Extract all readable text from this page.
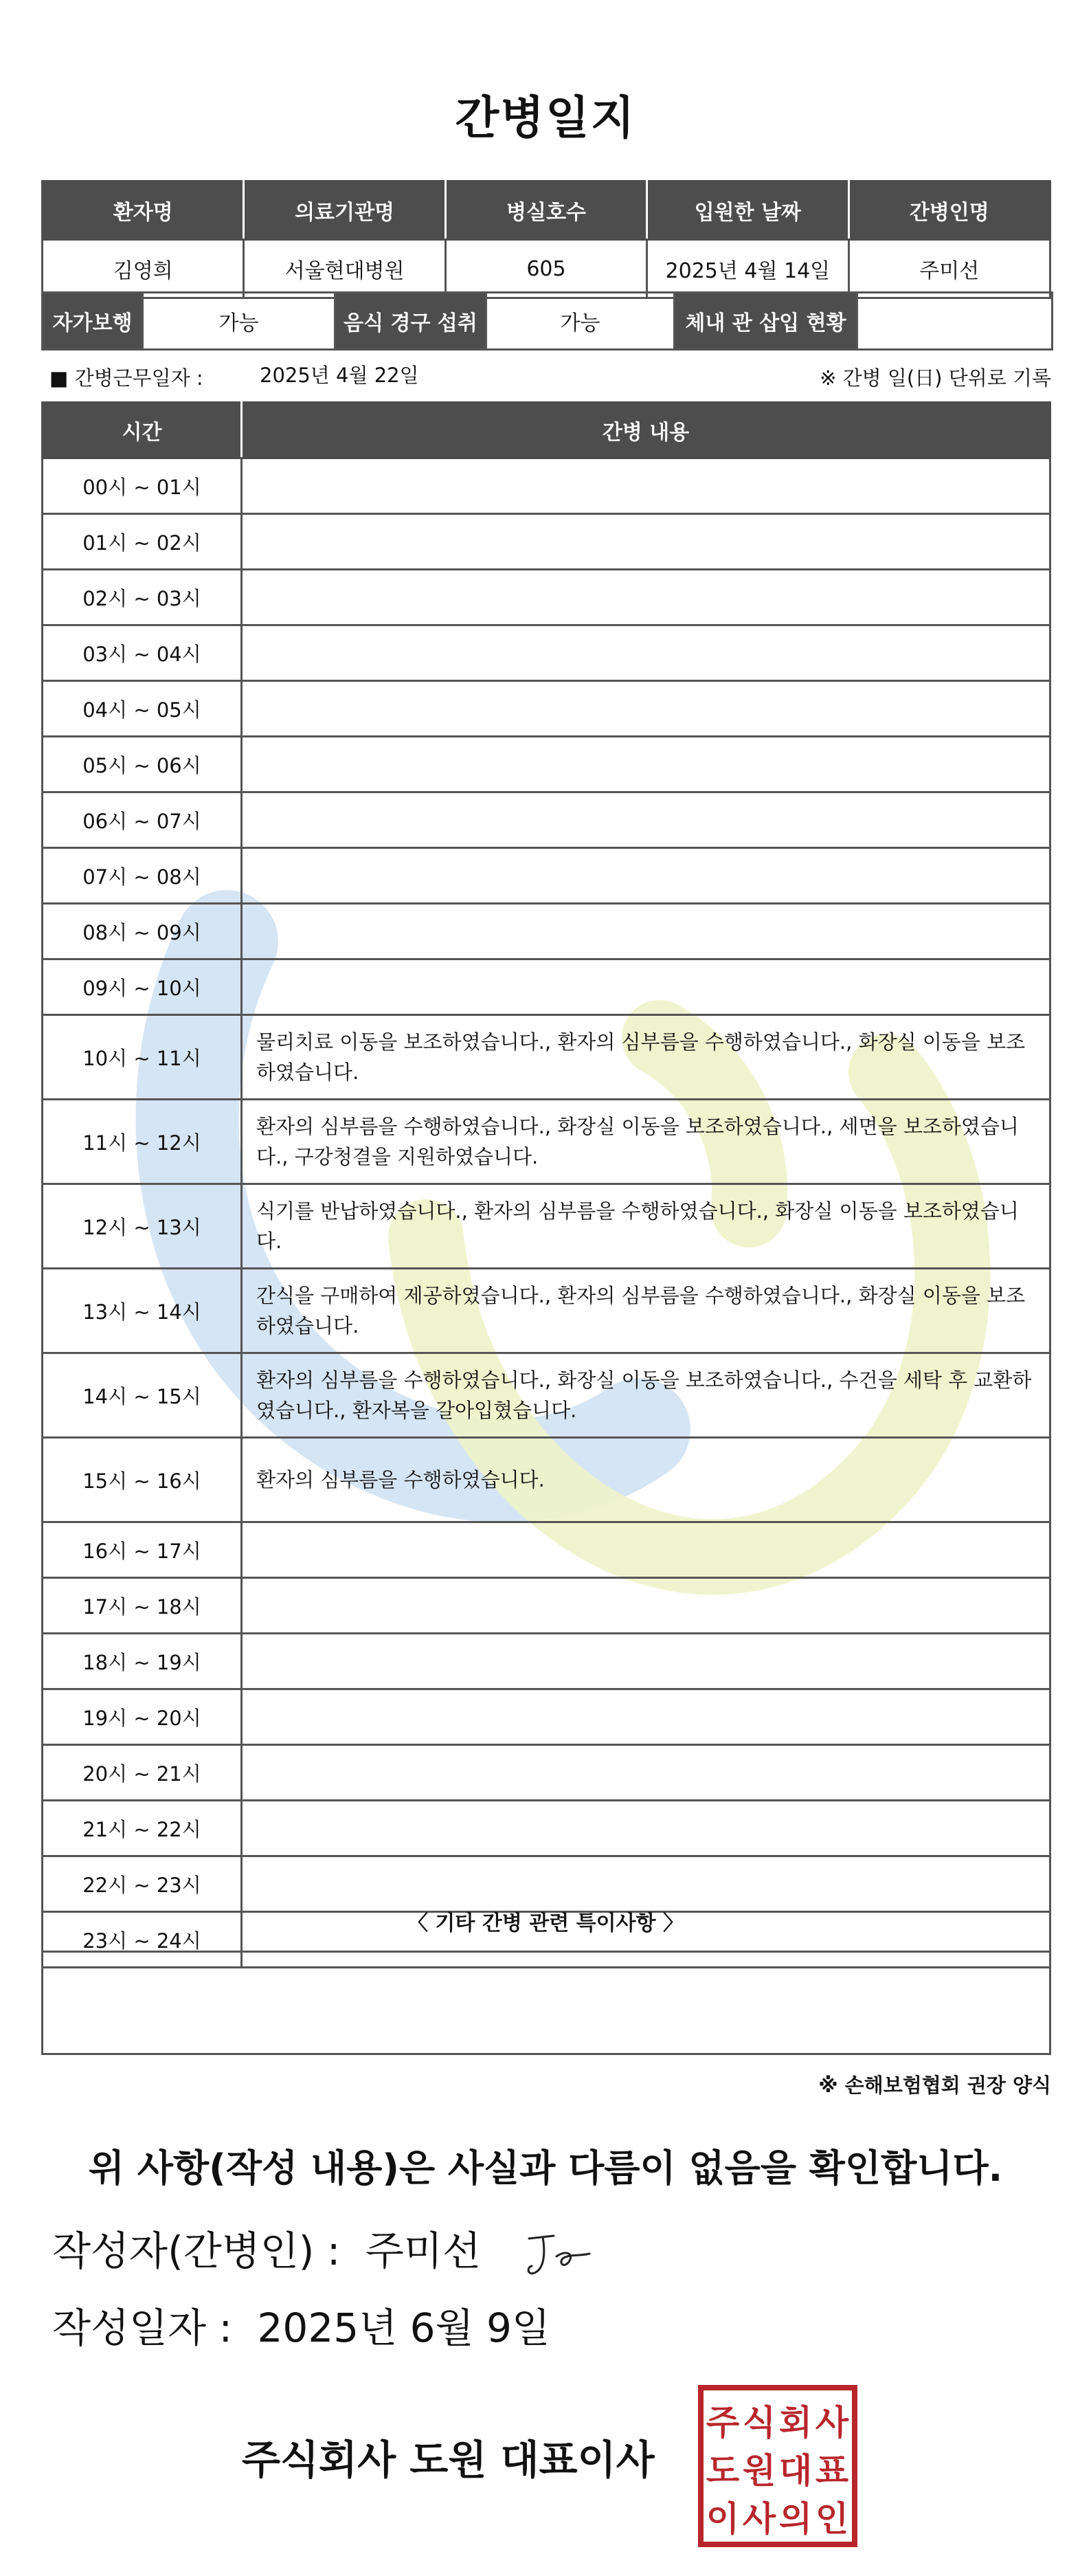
간병일지
환자명	의료기관명	병실호수	입원한 날짜	간병인명
김영희	서울현대병원	605	2025년 4월 14일	주미선
자가보행	가능	음식 경구 섭취	가능	체내 관 삽입 현황	
■ 간병근무일자 :	2025년 4월 22일	※ 간병 일(日) 단위로 기록
시간	간병 내용
00시 ~ 01시	
01시 ~ 02시	
02시 ~ 03시	
03시 ~ 04시	
04시 ~ 05시	
05시 ~ 06시	
06시 ~ 07시	
07시 ~ 08시	
08시 ~ 09시	
09시 ~ 10시	
10시 ~ 11시	물리치료 이동을 보조하였습니다., 환자의 심부름을 수행하였습니다., 화장실 이동을 보조하였습니다.
11시 ~ 12시	환자의 심부름을 수행하였습니다., 화장실 이동을 보조하였습니다., 세면을 보조하였습니다., 구강청결을 지원하였습니다.
12시 ~ 13시	식기를 반납하였습니다., 환자의 심부름을 수행하였습니다., 화장실 이동을 보조하였습니다.
13시 ~ 14시	간식을 구매하여 제공하였습니다., 환자의 심부름을 수행하였습니다., 화장실 이동을 보조하였습니다.
14시 ~ 15시	환자의 심부름을 수행하였습니다., 화장실 이동을 보조하였습니다., 수건을 세탁 후 교환하였습니다., 환자복을 갈아입혔습니다.
15시 ~ 16시	환자의 심부름을 수행하였습니다.
16시 ~ 17시	
17시 ~ 18시	
18시 ~ 19시	
19시 ~ 20시	
20시 ~ 21시	
21시 ~ 22시	
22시 ~ 23시	
23시 ~ 24시	
〈 기타 간병 관련 특이사항 〉
※ 손해보험협회 권장 양식
위 사항(작성 내용)은 사실과 다름이 없음을 확인합니다.
작성자(간병인) : 주미선
작성일자 : 2025년 6월 9일
주식회사 도원 대표이사
주 식 회 사
도 원 대 표
이 사 의 인
